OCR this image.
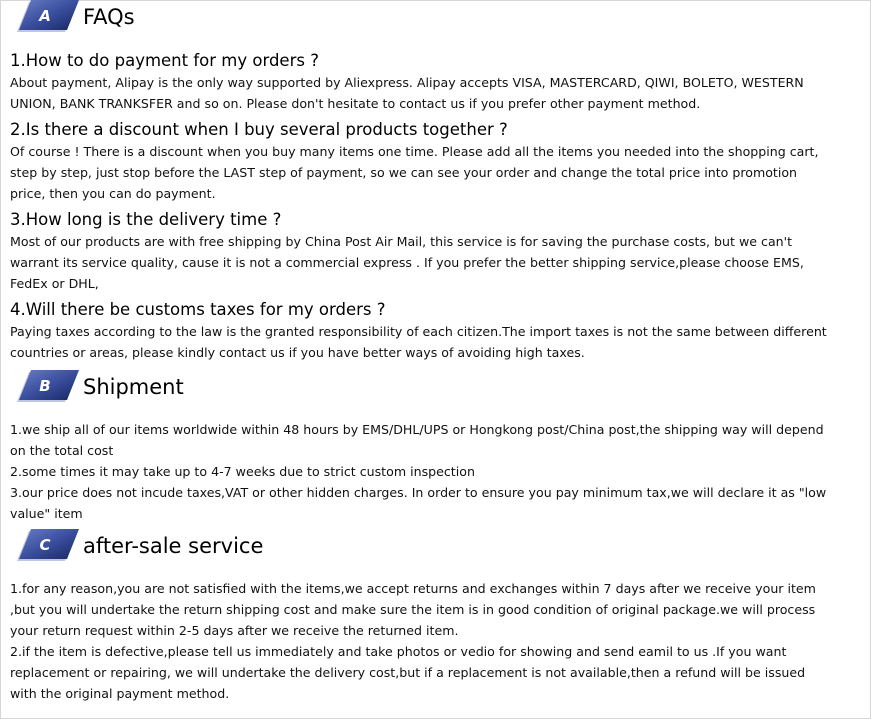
A	FAQs

1.How to do payment for my orders ?

About payment, Alipay is the only way supported by Aliexpress. Alipay accepts VISA, MASTERCARD, QIWI, BOLETO, WESTERN UNION, BANK TRANKSFER and so on. Please don't hesitate to contact us if you prefer other payment method.

2.Is there a discount when I buy several products together ?

Of course ! There is a discount when you buy many items one time. Please add all the items you needed into the shopping cart, step by step, just stop before the LAST step of payment, so we can see your order and change the total price into promotion price, then you can do payment.

3.How long is the delivery time ?

Most of our products are with free shipping by China Post Air Mail, this service is for saving the purchase costs, but we can't warrant its service quality, cause it is not a commercial express . If you prefer the better shipping service,please choose EMS, FedEx or DHL,

4.Will there be customs taxes for my orders ?

Paying taxes according to the law is the granted responsibility of each citizen.The import taxes is not the same between different countries or areas, please kindly contact us if you have better ways of avoiding high taxes.

B	Shipment

1.we ship all of our items worldwide within 48 hours by EMS/DHL/UPS or Hongkong post/China post,the shipping way will depend on the total cost

2.some times it may take up to 4-7 weeks due to strict custom inspection

3.our price does not incude taxes,VAT or other hidden charges. In order to ensure you pay minimum tax,we will declare it as "low value" item

C	after-sale service

1.for any reason,you are not satisfied with the items,we accept returns and exchanges within 7 days after we receive your item ,but you will undertake the return shipping cost and make sure the item is in good condition of original package.we will process your return request within 2-5 days after we receive the returned item.

2.if the item is defective,please tell us immediately and take photos or vedio for showing and send eamil to us .If you want replacement or repairing, we will undertake the delivery cost,but if a replacement is not available,then a refund will be issued with the original payment method.
